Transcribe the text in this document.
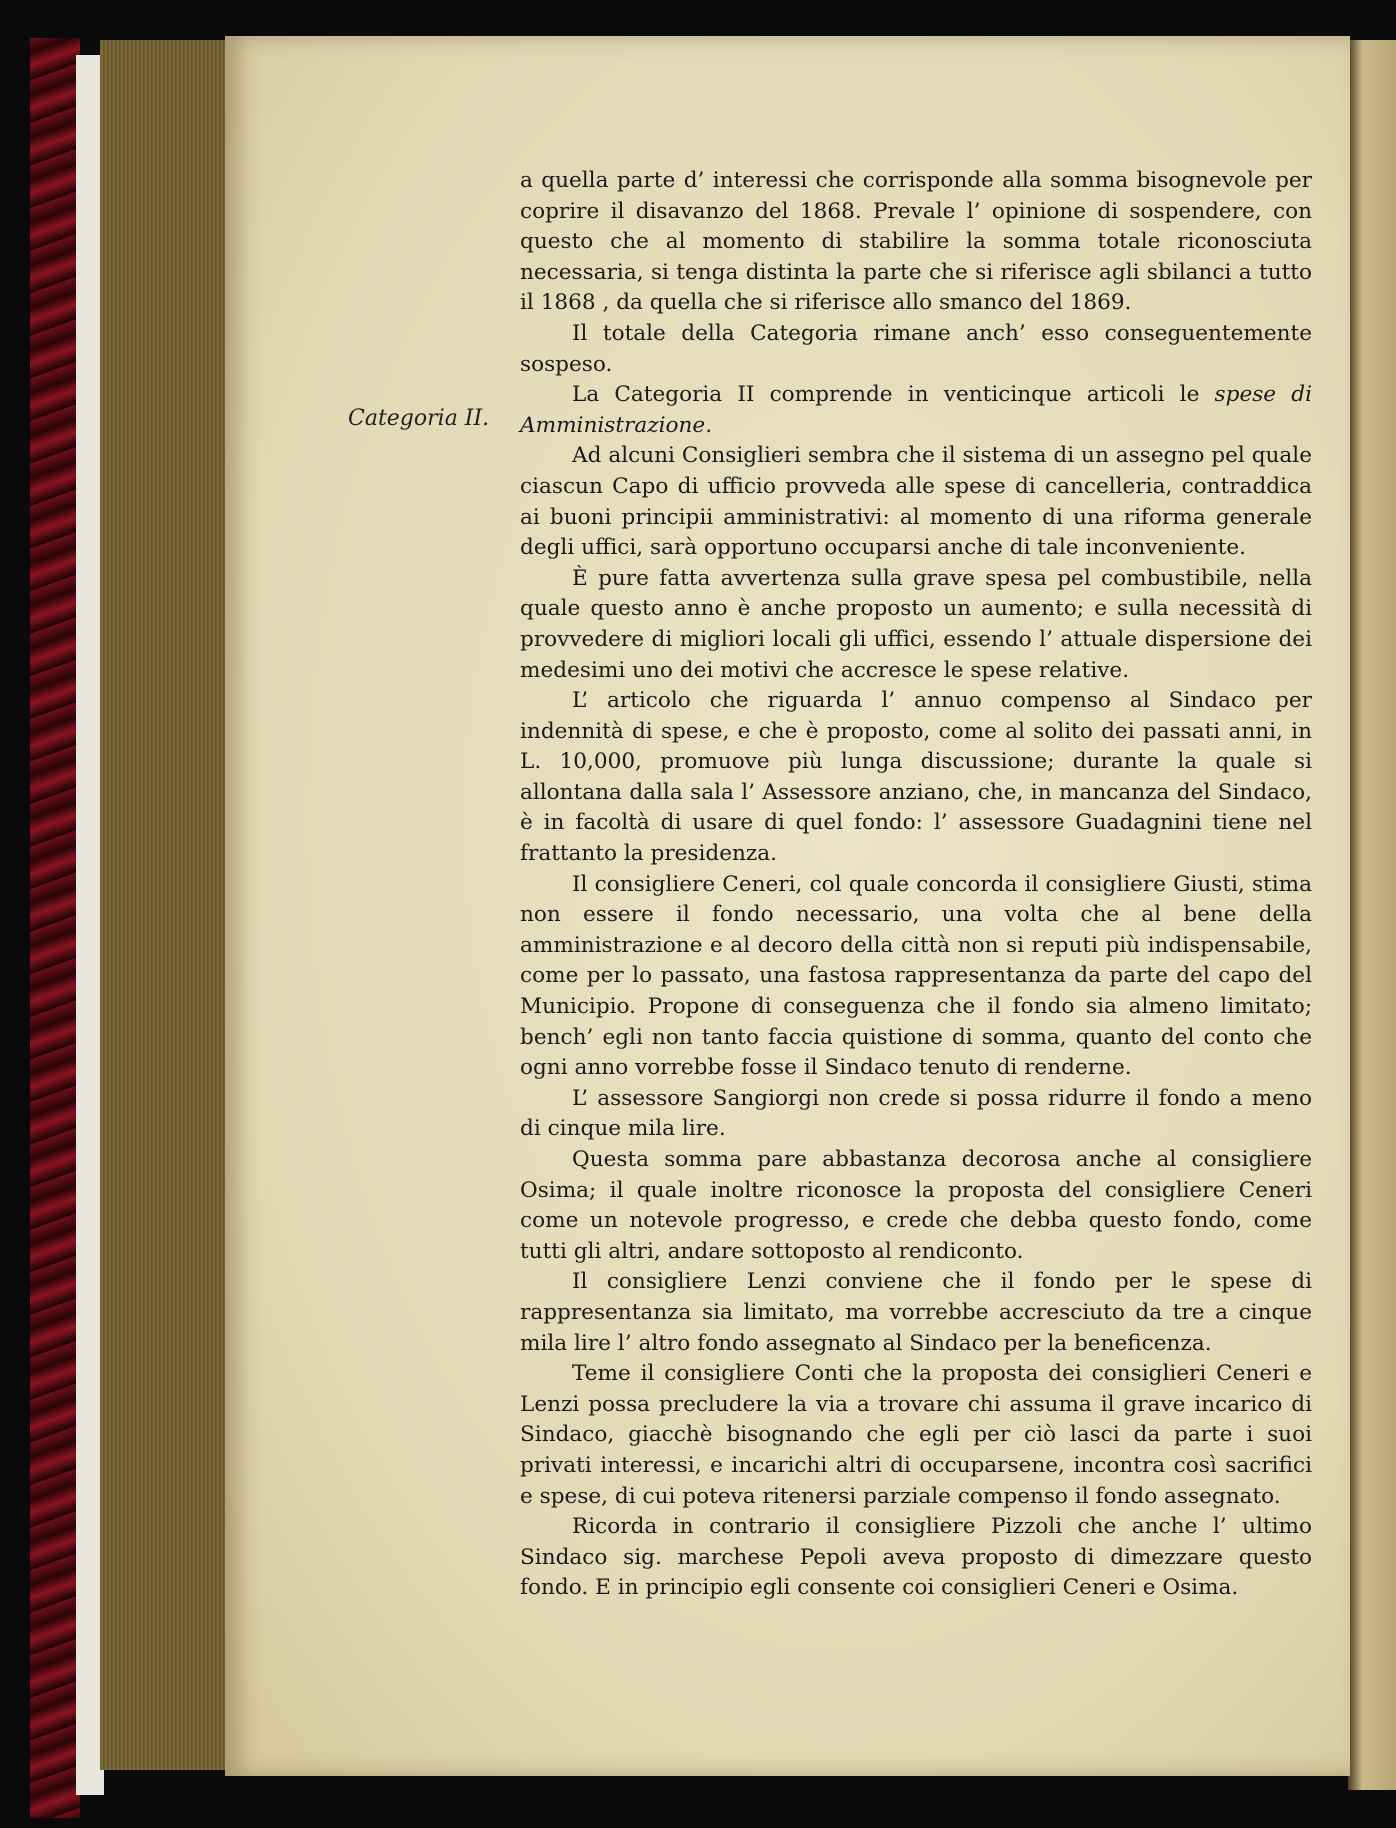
Categoria II.

a quella parte d’ interessi che corrisponde alla somma bisognevole per coprire il disavanzo del 1868. Prevale l’ opinione di sospendere, con questo che al momento di stabilire la somma totale riconosciuta necessaria, si tenga distinta la parte che si riferisce agli sbilanci a tutto il 1868 , da quella che si riferisce allo smanco del 1869.

Il totale della Categoria rimane anch’ esso conseguentemente sospeso.

La Categoria II comprende in venticinque articoli le spese di Amministrazione.

Ad alcuni Consiglieri sembra che il sistema di un assegno pel quale ciascun Capo di ufficio provveda alle spese di cancelleria, contraddica ai buoni principii amministrativi: al momento di una riforma generale degli uffici, sarà opportuno occuparsi anche di tale inconveniente.

È pure fatta avvertenza sulla grave spesa pel combustibile, nella quale questo anno è anche proposto un aumento; e sulla necessità di provvedere di migliori locali gli uffici, essendo l’ attuale dispersione dei medesimi uno dei motivi che accresce le spese relative.

L’ articolo che riguarda l’ annuo compenso al Sindaco per indennità di spese, e che è proposto, come al solito dei passati anni, in L. 10,000, promuove più lunga discussione; durante la quale si allontana dalla sala l’ Assessore anziano, che, in mancanza del Sindaco, è in facoltà di usare di quel fondo: l’ assessore Guadagnini tiene nel frattanto la presidenza.

Il consigliere Ceneri, col quale concorda il consigliere Giusti, stima non essere il fondo necessario, una volta che al bene della amministrazione e al decoro della città non si reputi più indispensabile, come per lo passato, una fastosa rappresentanza da parte del capo del Municipio. Propone di conseguenza che il fondo sia almeno limitato; bench’ egli non tanto faccia quistione di somma, quanto del conto che ogni anno vorrebbe fosse il Sindaco tenuto di renderne.

L’ assessore Sangiorgi non crede si possa ridurre il fondo a meno di cinque mila lire.

Questa somma pare abbastanza decorosa anche al consigliere Osima; il quale inoltre riconosce la proposta del consigliere Ceneri come un notevole progresso, e crede che debba questo fondo, come tutti gli altri, andare sottoposto al rendiconto.

Il consigliere Lenzi conviene che il fondo per le spese di rappresentanza sia limitato, ma vorrebbe accresciuto da tre a cinque mila lire l’ altro fondo assegnato al Sindaco per la beneficenza.

Teme il consigliere Conti che la proposta dei consiglieri Ceneri e Lenzi possa precludere la via a trovare chi assuma il grave incarico di Sindaco, giacchè bisognando che egli per ciò lasci da parte i suoi privati interessi, e incarichi altri di occuparsene, incontra così sacrifici e spese, di cui poteva ritenersi parziale compenso il fondo assegnato.

Ricorda in contrario il consigliere Pizzoli che anche l’ ultimo Sindaco sig. marchese Pepoli aveva proposto di dimezzare questo fondo. E in principio egli consente coi consiglieri Ceneri e Osima.
